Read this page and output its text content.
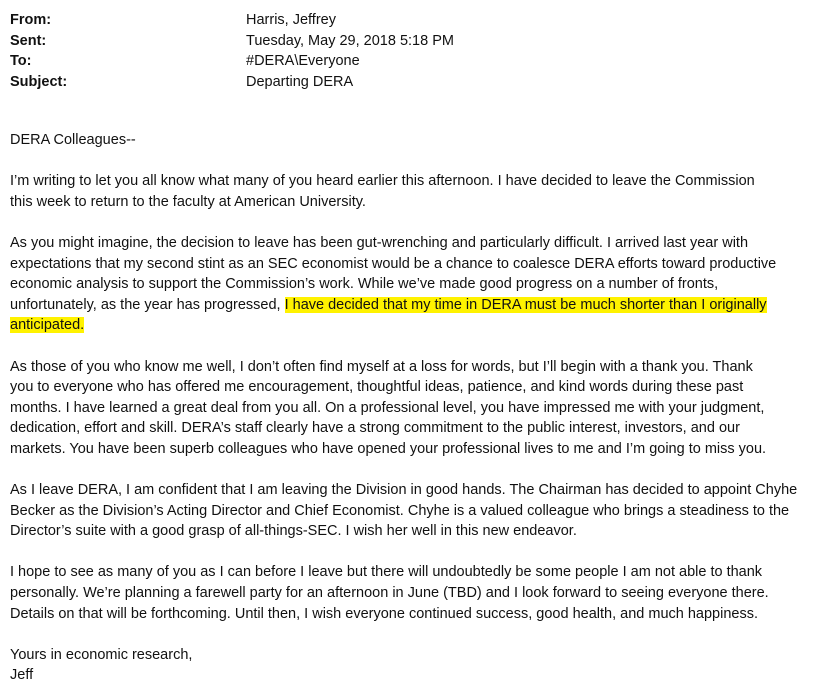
From:	Harris, Jeffrey
Sent:	Tuesday, May 29, 2018 5:18 PM
To:	#DERA\Everyone
Subject:	Departing DERA

DERA Colleagues--

I’m writing to let you all know what many of you heard earlier this afternoon. I have decided to leave the Commission
this week to return to the faculty at American University.

As you might imagine, the decision to leave has been gut-wrenching and particularly difficult. I arrived last year with
expectations that my second stint as an SEC economist would be a chance to coalesce DERA efforts toward productive
economic analysis to support the Commission’s work. While we’ve made good progress on a number of fronts,
unfortunately, as the year has progressed, I have decided that my time in DERA must be much shorter than I originally
anticipated.

As those of you who know me well, I don’t often find myself at a loss for words, but I’ll begin with a thank you. Thank
you to everyone who has offered me encouragement, thoughtful ideas, patience, and kind words during these past
months. I have learned a great deal from you all. On a professional level, you have impressed me with your judgment,
dedication, effort and skill. DERA’s staff clearly have a strong commitment to the public interest, investors, and our
markets. You have been superb colleagues who have opened your professional lives to me and I’m going to miss you.

As I leave DERA, I am confident that I am leaving the Division in good hands. The Chairman has decided to appoint Chyhe
Becker as the Division’s Acting Director and Chief Economist. Chyhe is a valued colleague who brings a steadiness to the
Director’s suite with a good grasp of all-things-SEC. I wish her well in this new endeavor.

I hope to see as many of you as I can before I leave but there will undoubtedly be some people I am not able to thank
personally. We’re planning a farewell party for an afternoon in June (TBD) and I look forward to seeing everyone there.
Details on that will be forthcoming. Until then, I wish everyone continued success, good health, and much happiness.

Yours in economic research,
Jeff
